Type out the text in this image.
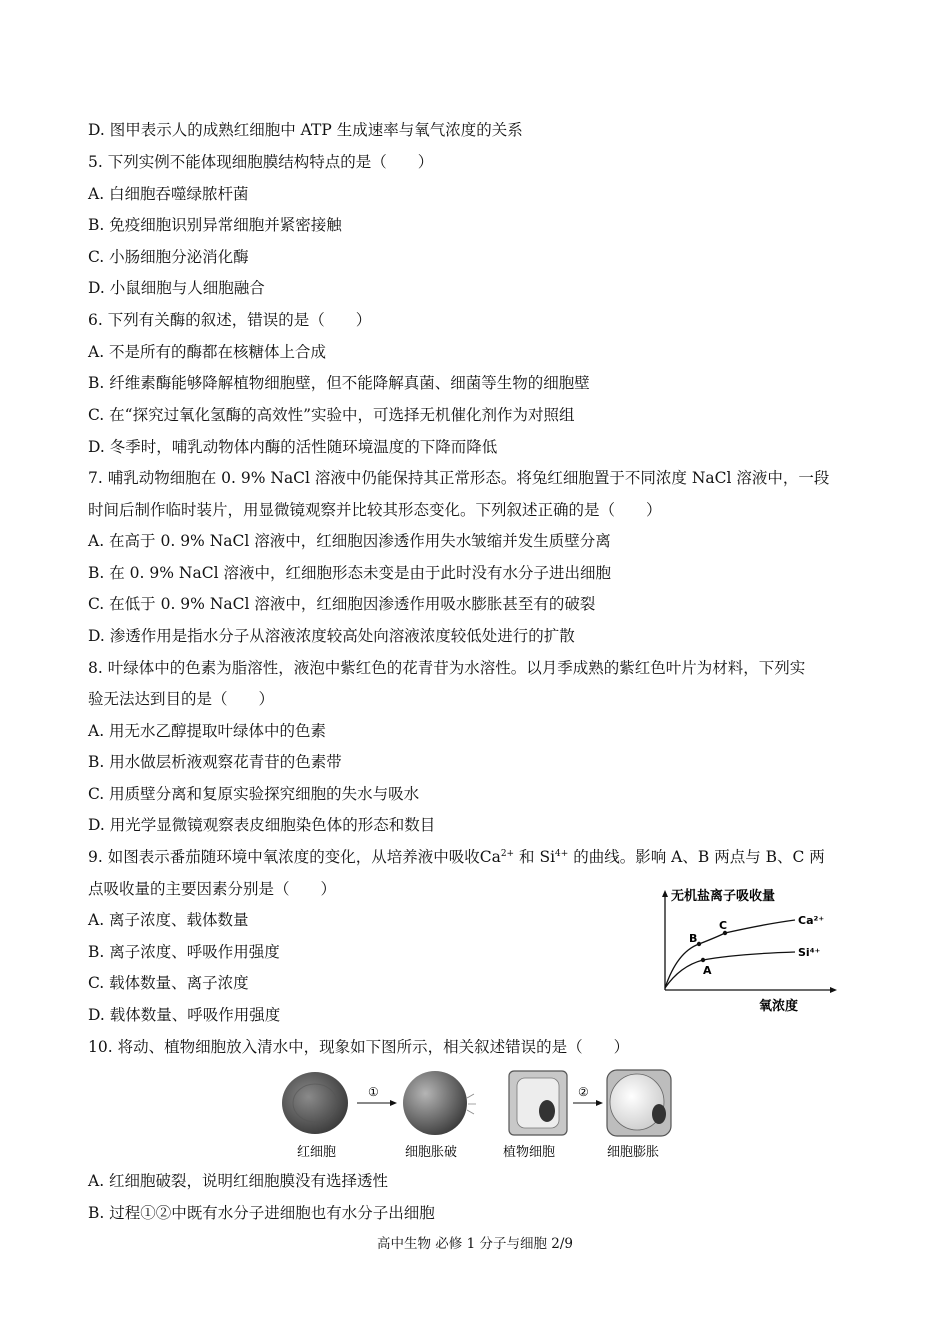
D. 图甲表示人的成熟红细胞中 ATP 生成速率与氧气浓度的关系
5. 下列实例不能体现细胞膜结构特点的是（　　）
A. 白细胞吞噬绿脓杆菌
B. 免疫细胞识别异常细胞并紧密接触
C. 小肠细胞分泌消化酶
D. 小鼠细胞与人细胞融合
6. 下列有关酶的叙述，错误的是（　　）
A. 不是所有的酶都在核糖体上合成
B. 纤维素酶能够降解植物细胞壁，但不能降解真菌、细菌等生物的细胞壁
C. 在“探究过氧化氢酶的高效性”实验中，可选择无机催化剂作为对照组
D. 冬季时，哺乳动物体内酶的活性随环境温度的下降而降低
7. 哺乳动物细胞在 0. 9% NaCl 溶液中仍能保持其正常形态。将兔红细胞置于不同浓度 NaCl 溶液中，一段
时间后制作临时装片，用显微镜观察并比较其形态变化。下列叙述正确的是（　　）
A. 在高于 0. 9% NaCl 溶液中，红细胞因渗透作用失水皱缩并发生质壁分离
B. 在 0. 9% NaCl 溶液中，红细胞形态未变是由于此时没有水分子进出细胞
C. 在低于 0. 9% NaCl 溶液中，红细胞因渗透作用吸水膨胀甚至有的破裂
D. 渗透作用是指水分子从溶液浓度较高处向溶液浓度较低处进行的扩散
8. 叶绿体中的色素为脂溶性，液泡中紫红色的花青苷为水溶性。以月季成熟的紫红色叶片为材料，下列实
验无法达到目的是（　　）
A. 用无水乙醇提取叶绿体中的色素
B. 用水做层析液观察花青苷的色素带
C. 用质壁分离和复原实验探究细胞的失水与吸水
D. 用光学显微镜观察表皮细胞染色体的形态和数目
9. 如图表示番茄随环境中氧浓度的变化，从培养液中吸收$Ca^{2+}$ 和 $Si^{4+}$ 的曲线。影响 A、B 两点与 B、C 两
点吸收量的主要因素分别是（　　）
A. 离子浓度、载体数量
B. 离子浓度、呼吸作用强度
C. 载体数量、离子浓度
D. 载体数量、呼吸作用强度
无机盐离子吸收量
氧浓度
B
C
A
Ca²⁺
Si⁴⁺
10. 将动、植物细胞放入清水中，现象如下图所示，相关叙述错误的是（　　）
①	②
红细胞	细胞胀破	植物细胞	细胞膨胀
A. 红细胞破裂，说明红细胞膜没有选择透性
B. 过程①②中既有水分子进细胞也有水分子出细胞
高中生物 必修 1 分子与细胞 2/9
